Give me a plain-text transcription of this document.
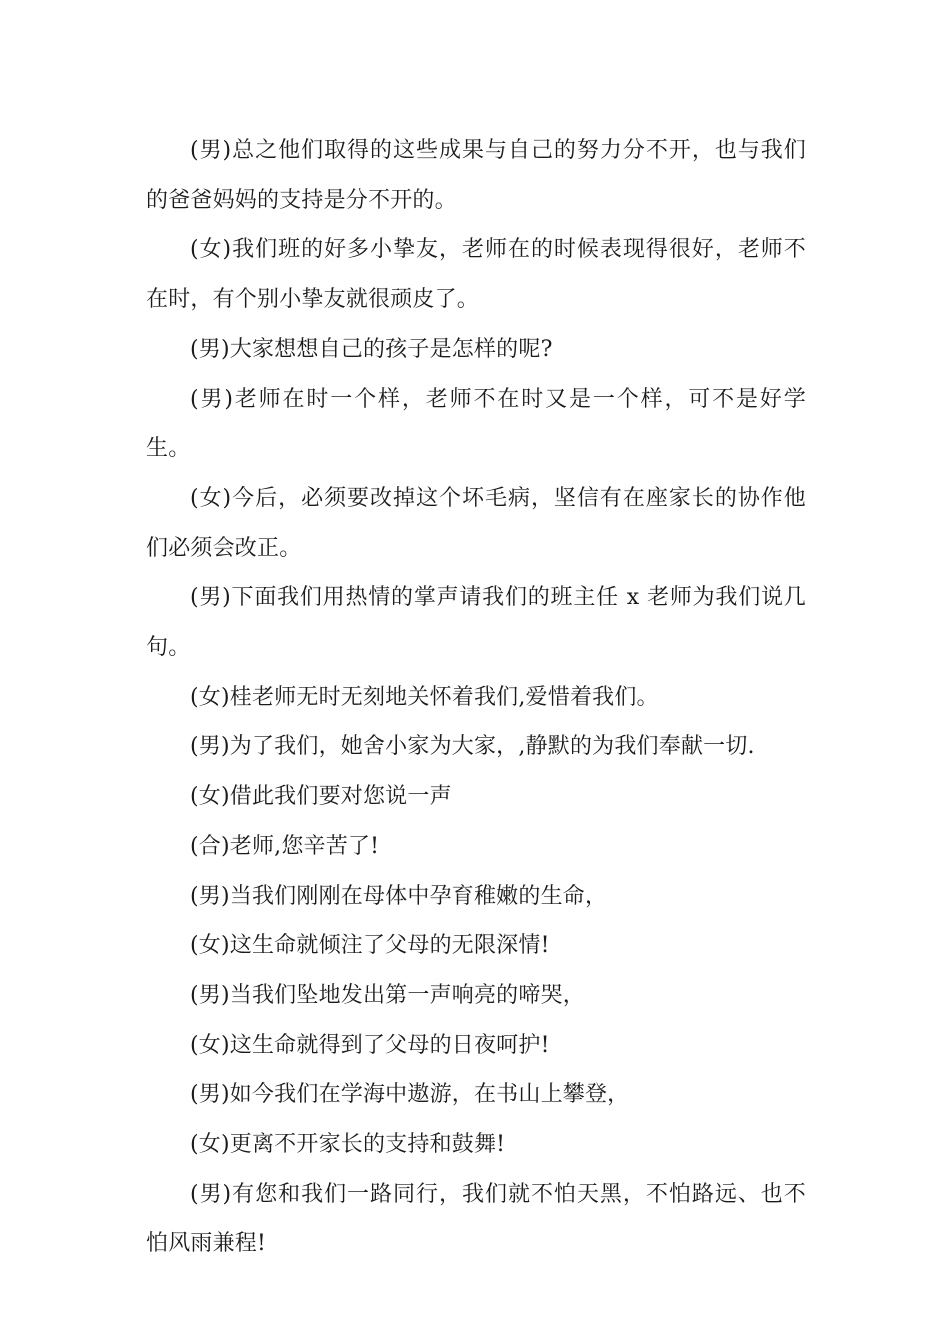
(男)总之他们取得的这些成果与自己的努力分不开，也与我们的爸爸妈妈的支持是分不开的。

(女)我们班的好多小挚友，老师在的时候表现得很好，老师不在时，有个别小挚友就很顽皮了。

(男)大家想想自己的孩子是怎样的呢?

(男)老师在时一个样，老师不在时又是一个样，可不是好学生。

(女)今后，必须要改掉这个坏毛病，坚信有在座家长的协作他们必须会改正。

(男)下面我们用热情的掌声请我们的班主任 x 老师为我们说几句。

(女)桂老师无时无刻地关怀着我们,爱惜着我们。

(男)为了我们，她舍小家为大家，,静默的为我们奉献一切.

(女)借此我们要对您说一声

(合)老师,您辛苦了!

(男)当我们刚刚在母体中孕育稚嫩的生命，

(女)这生命就倾注了父母的无限深情!

(男)当我们坠地发出第一声响亮的啼哭，

(女)这生命就得到了父母的日夜呵护!

(男)如今我们在学海中遨游，在书山上攀登，

(女)更离不开家长的支持和鼓舞!

(男)有您和我们一路同行，我们就不怕天黑，不怕路远、也不怕风雨兼程!
